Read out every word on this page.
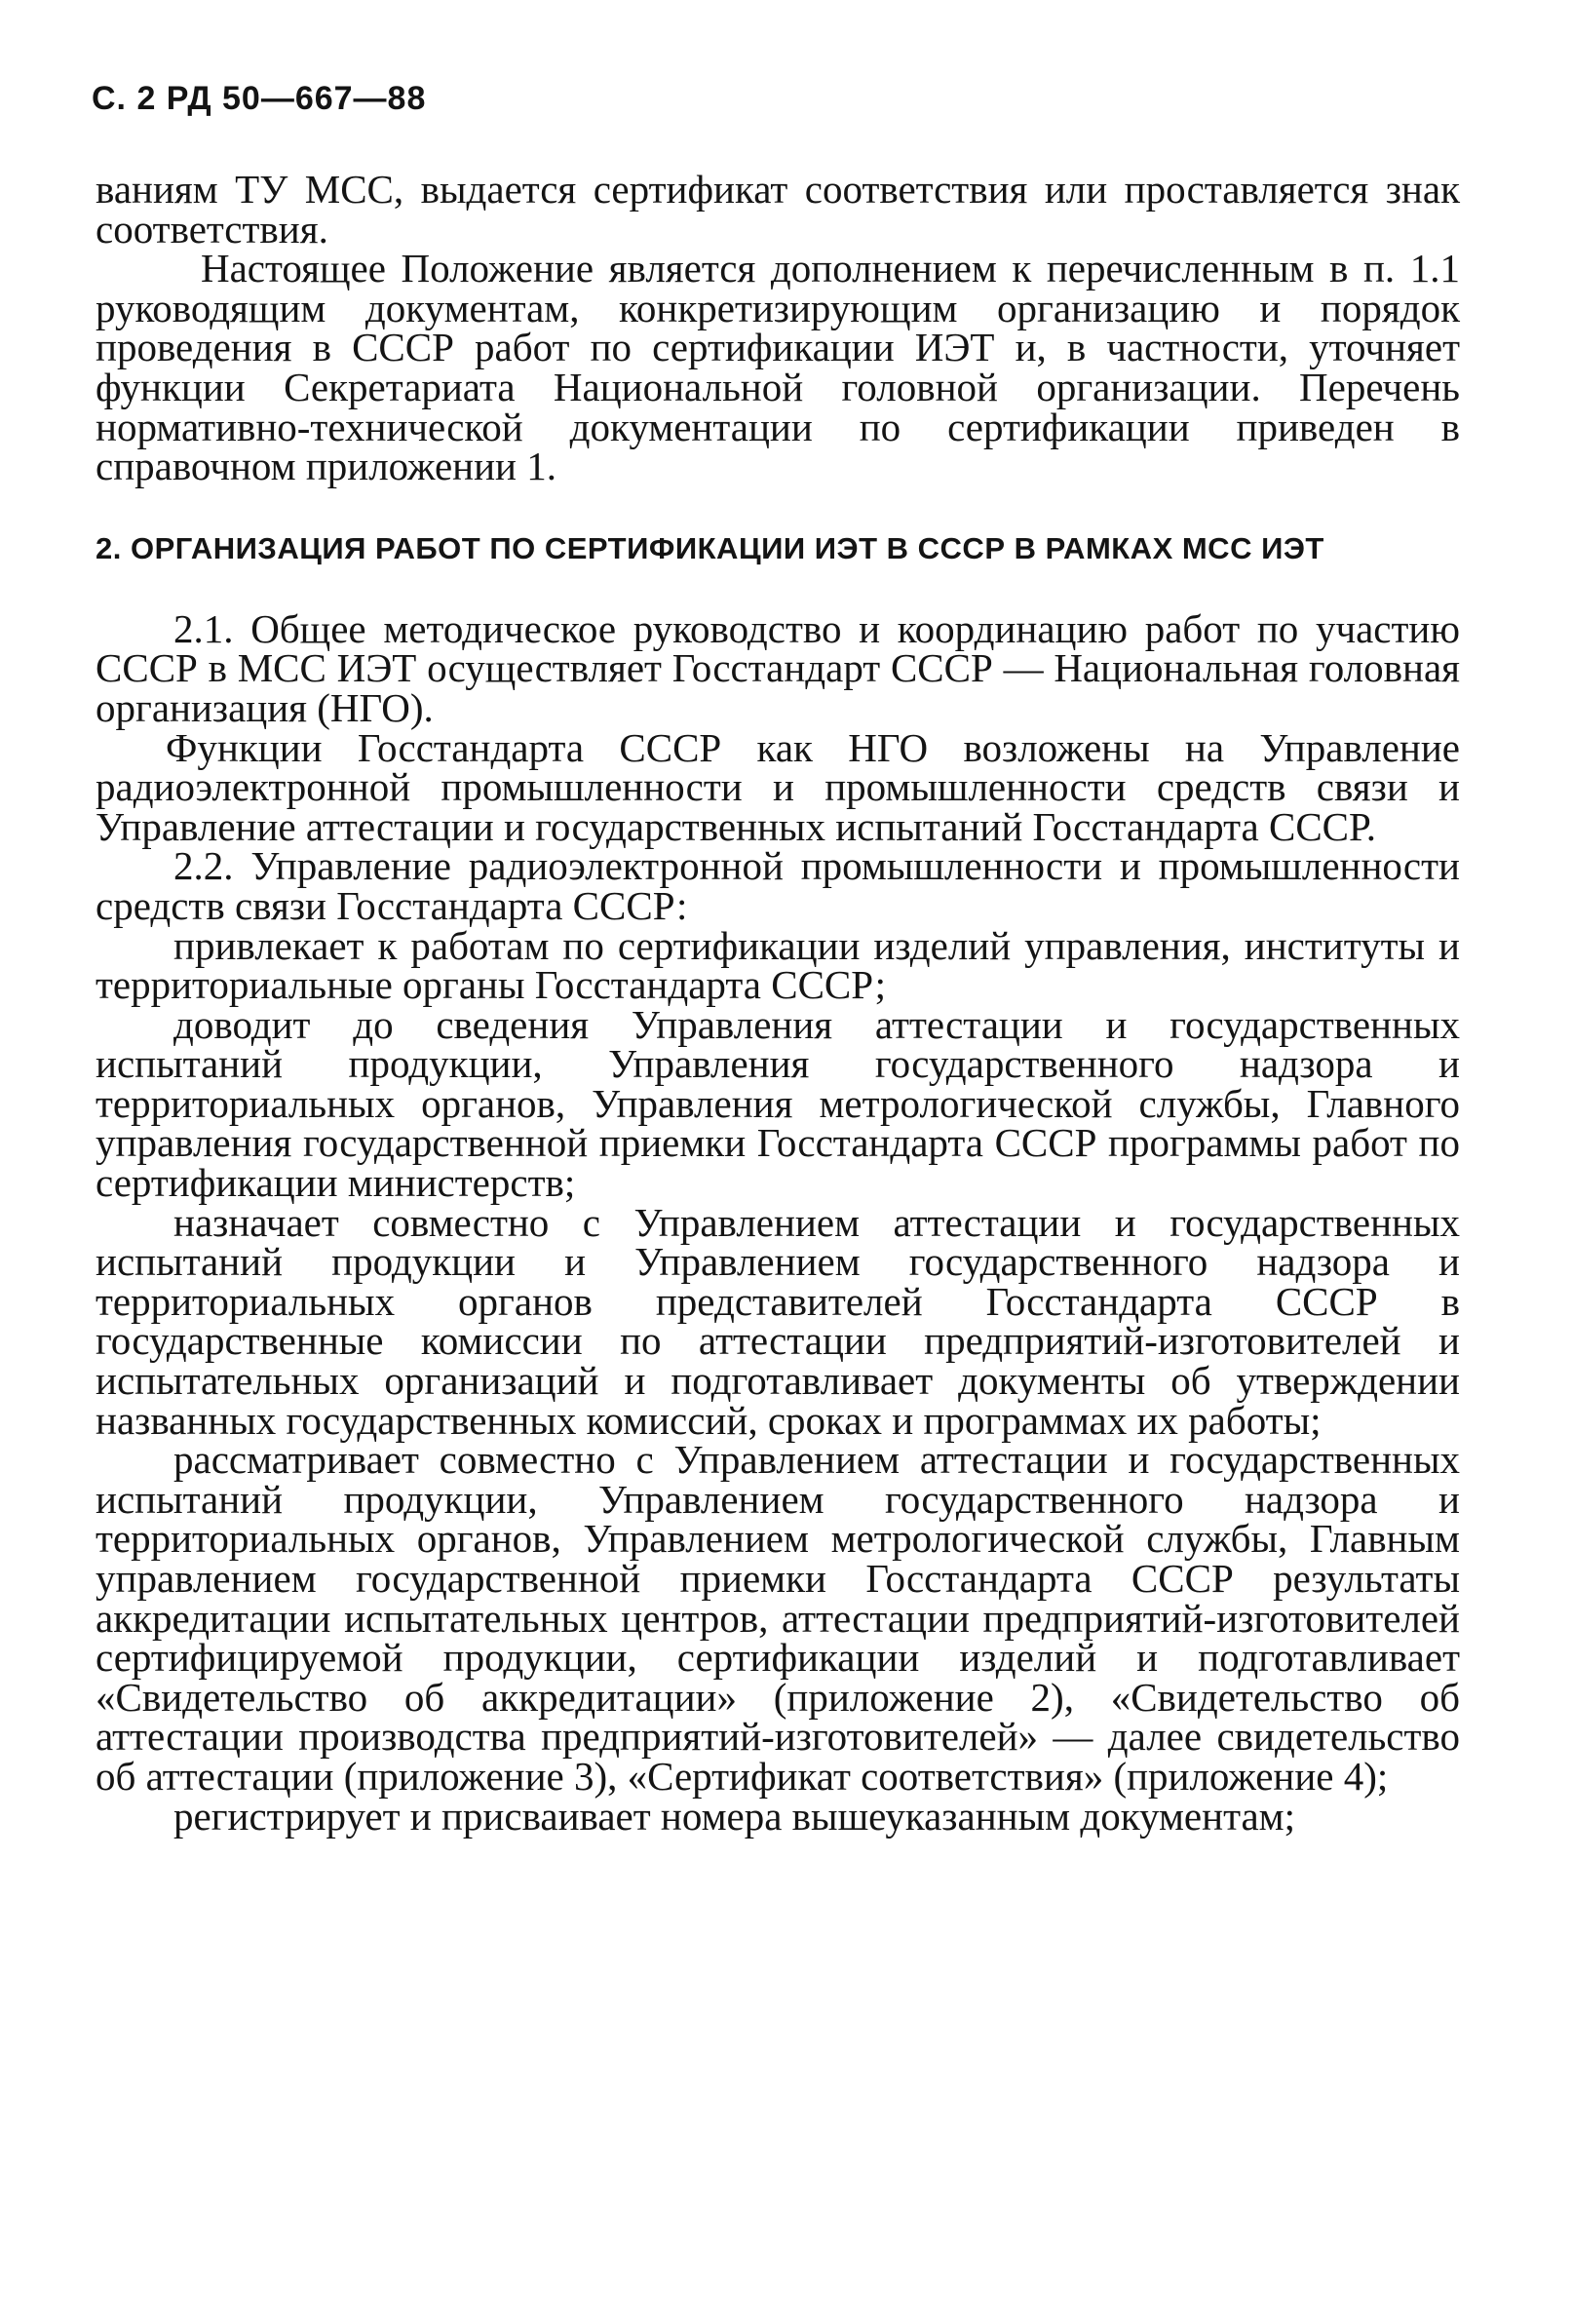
С. 2 РД 50—667—88

ваниям ТУ МСС, выдается сертификат соответствия или проставляется знак соответствия.

Настоящее Положение является дополнением к перечисленным в п. 1.1 руководящим документам, конкретизирующим организацию и порядок проведения в СССР работ по сертификации ИЭТ и, в частности, уточняет функции Секретариата Национальной головной организации. Перечень нормативно-технической документации по сертификации приведен в справочном приложении 1.

2. ОРГАНИЗАЦИЯ РАБОТ ПО СЕРТИФИКАЦИИ ИЭТ В СССР В РАМКАХ МСС ИЭТ

2.1. Общее методическое руководство и координацию работ по участию СССР в МСС ИЭТ осуществляет Госстандарт СССР — Национальная головная организация (НГО).

Функции Госстандарта СССР как НГО возложены на Управление радиоэлектронной промышленности и промышленности средств связи и Управление аттестации и государственных испытаний Госстандарта СССР.

2.2. Управление радиоэлектронной промышленности и промышленности средств связи Госстандарта СССР:

привлекает к работам по сертификации изделий управления, институты и территориальные органы Госстандарта СССР;

доводит до сведения Управления аттестации и государственных испытаний продукции, Управления государственного надзора и территориальных органов, Управления метрологической службы, Главного управления государственной приемки Госстандарта СССР программы работ по сертификации министерств;

назначает совместно с Управлением аттестации и государственных испытаний продукции и Управлением государственного надзора и территориальных органов представителей Госстандарта СССР в государственные комиссии по аттестации предприятий-изготовителей и испытательных организаций и подготавливает документы об утверждении названных государственных комиссий, сроках и программах их работы;

рассматривает совместно с Управлением аттестации и государственных испытаний продукции, Управлением государственного надзора и территориальных органов, Управлением метрологической службы, Главным управлением государственной приемки Госстандарта СССР результаты аккредитации испытательных центров, аттестации предприятий-изготовителей сертифицируемой продукции, сертификации изделий и подготавливает «Свидетельство об аккредитации» (приложение 2), «Свидетельство об аттестации производства предприятий-изготовителей» — далее свидетельство об аттестации (приложение 3), «Сертификат соответствия» (приложение 4);

регистрирует и присваивает номера вышеуказанным документам;
